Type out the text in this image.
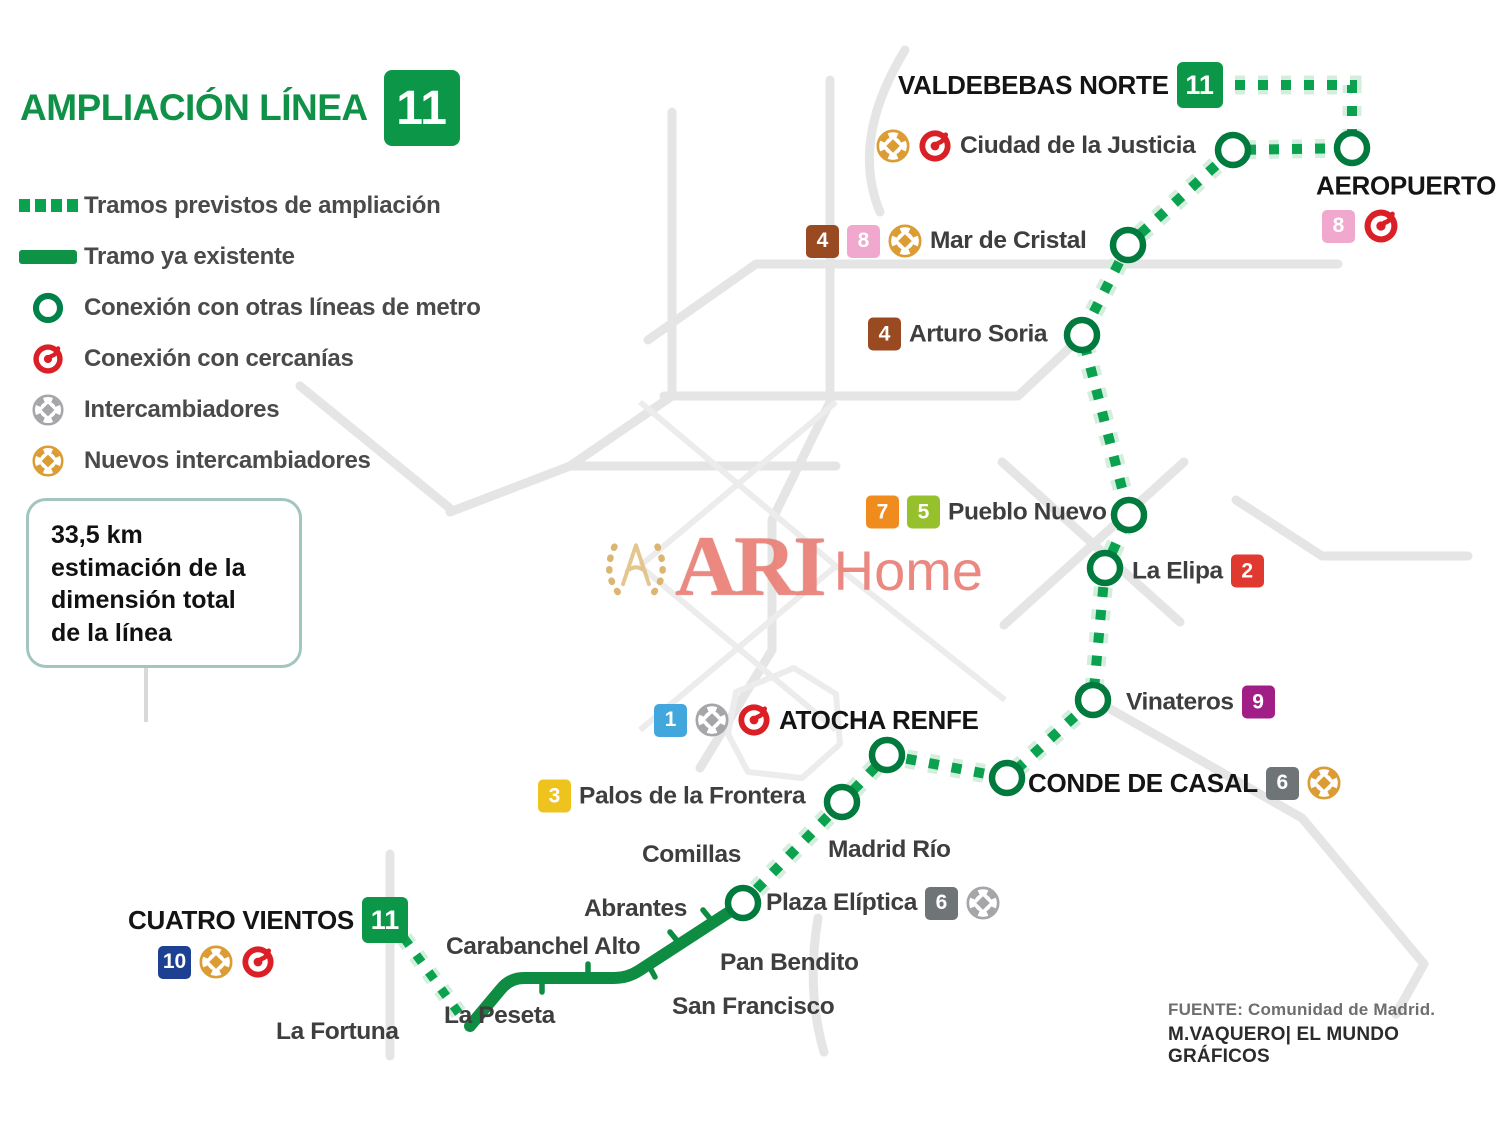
AMPLIACIÓN LÍNEA 11
Tramos previstos de ampliación
Tramo ya existente
Conexión con otras líneas de metro
Conexión con cercanías
Intercambiadores
Nuevos intercambiadores
33,5 km
estimación de la
dimensión total
de la línea
VALDEBEBAS NORTE 11
Ciudad de la Justicia
AEROPUERTO
8
4	8	Mar de Cristal
4 Arturo Soria
7	5 Pueblo Nuevo
La Elipa 2
Vinateros 9
CONDE DE CASAL 6
1	ATOCHA RENFE
3 Palos de la Frontera
Madrid Río
Comillas
Plaza Elíptica 6
Abrantes
Carabanchel Alto
Pan Bendito
San Francisco
La Peseta
La Fortuna
CUATRO VIENTOS 11
10
ARI Home
FUENTE: Comunidad de Madrid.
M.VAQUERO| EL MUNDO GRÁFICOS
